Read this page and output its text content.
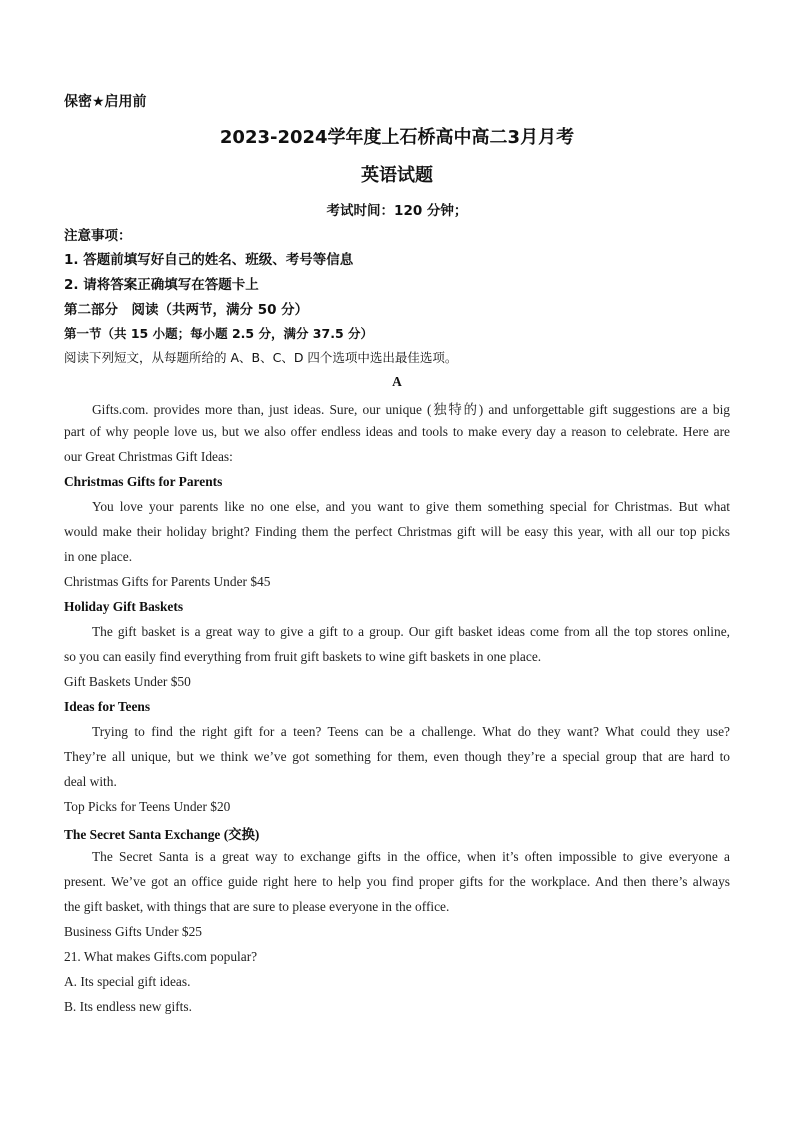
保密★启用前
2023-2024学年度上石桥高中高二3月月考
英语试题
考试时间：120 分钟；
注意事项：
1. 答题前填写好自己的姓名、班级、考号等信息
2. 请将答案正确填写在答题卡上
第二部分　阅读（共两节，满分 50 分）
第一节（共 15 小题；每小题 2.5 分，满分 37.5 分）
阅读下列短文，从每题所给的 A、B、C、D 四个选项中选出最佳选项。
A
Gifts.com. provides more than, just ideas. Sure, our unique (独特的) and unforgettable gift suggestions are a big
part of why people love us, but we also offer endless ideas and tools to make every day a reason to celebrate. Here are
our Great Christmas Gift Ideas:
Christmas Gifts for Parents
You love your parents like no one else, and you want to give them something special for Christmas. But what
would make their holiday bright? Finding them the perfect Christmas gift will be easy this year, with all our top picks
in one place.
Christmas Gifts for Parents Under $45
Holiday Gift Baskets
The gift basket is a great way to give a gift to a group. Our gift basket ideas come from all the top stores online,
so you can easily find everything from fruit gift baskets to wine gift baskets in one place.
Gift Baskets Under $50
Ideas for Teens
Trying to find the right gift for a teen? Teens can be a challenge. What do they want? What could they use?
They’re all unique, but we think we’ve got something for them, even though they’re a special group that are hard to
deal with.
Top Picks for Teens Under $20
The Secret Santa Exchange (交换)
The Secret Santa is a great way to exchange gifts in the office, when it’s often impossible to give everyone a
present. We’ve got an office guide right here to help you find proper gifts for the workplace. And then there’s always
the gift basket, with things that are sure to please everyone in the office.
Business Gifts Under $25
21. What makes Gifts.com popular?
A. Its special gift ideas.
B. Its endless new gifts.
